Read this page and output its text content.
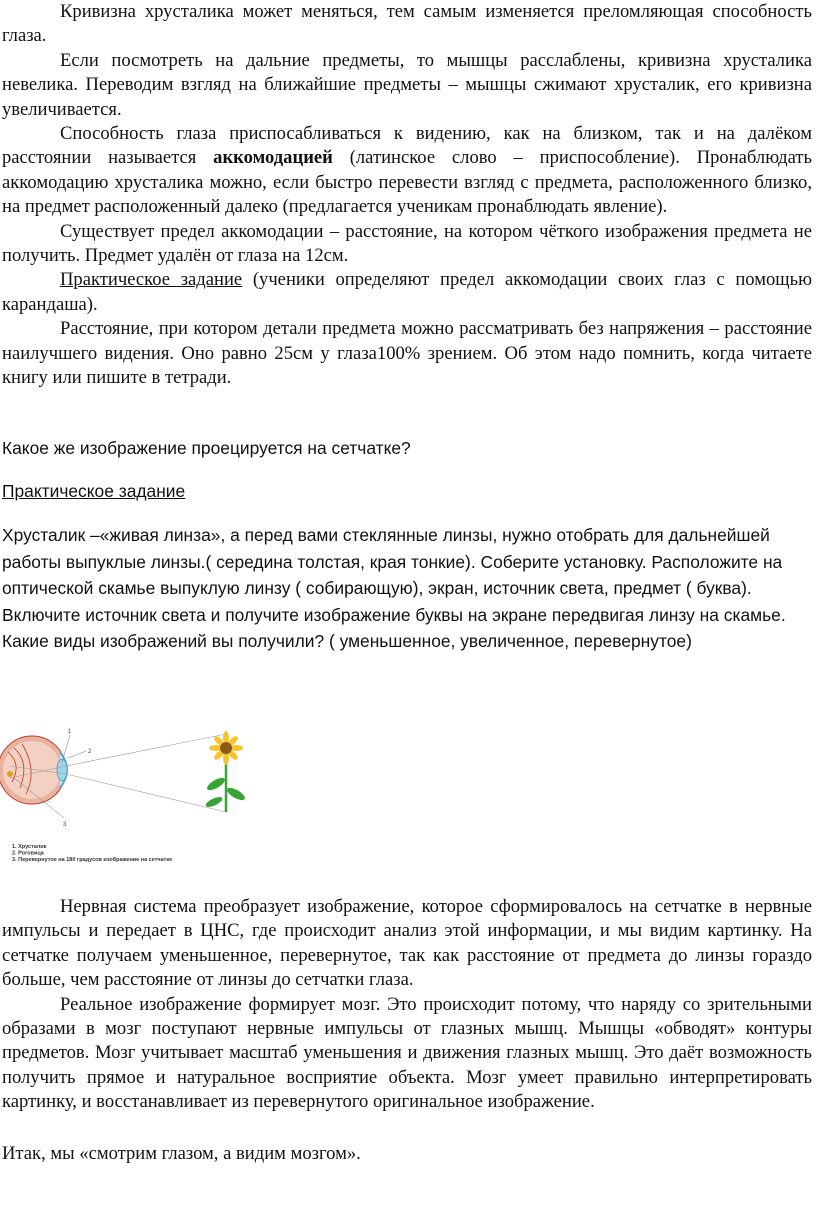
Кривизна хрусталика может меняться, тем самым изменяется преломляющая способность глаза.

Если посмотреть на дальние предметы, то мышцы расслаблены, кривизна хрусталика невелика. Переводим взгляд на ближайшие предметы – мышцы сжимают хрусталик, его кривизна увеличивается.

Способность глаза приспосабливаться к видению, как на близком, так и на далёком расстоянии называется аккомодацией (латинское слово – приспособление). Пронаблюдать аккомодацию хрусталика можно, если быстро перевести взгляд с предмета, расположенного близко, на предмет расположенный далеко (предлагается ученикам пронаблюдать явление).

Существует предел аккомодации – расстояние, на котором чёткого изображения предмета не получить. Предмет удалён от глаза на 12см.

Практическое задание (ученики определяют предел аккомодации своих глаз с помощью карандаша).

Расстояние, при котором детали предмета можно рассматривать без напряжения – расстояние наилучшего видения. Оно равно 25см у глаза100% зрением. Об этом надо помнить, когда читаете книгу или пишите в тетради.

Какое же изображение проецируется на сетчатке?

Практическое задание

Хрусталик –«живая линза», а перед вами стеклянные линзы, нужно отобрать для дальнейшей работы выпуклые линзы.( середина толстая, края тонкие). Соберите установку. Расположите на оптической скамье выпуклую линзу ( собирающую), экран, источник света, предмет ( буква). Включите источник света и получите изображение буквы на экране передвигая линзу на скамье. Какие виды изображений вы получили? ( уменьшенное, увеличенное, перевернутое)

1
2
3
1. Хрусталик
2. Роговица
3. Перевернутое на 180 градусов изображение на сетчатке

Нервная система преобразует изображение, которое сформировалось на сетчатке в нервные импульсы и передает в ЦНС, где происходит анализ этой информации, и мы видим картинку. На сетчатке получаем уменьшенное, перевернутое, так как расстояние от предмета до линзы гораздо больше, чем расстояние от линзы до сетчатки глаза.

Реальное изображение формирует мозг. Это происходит потому, что наряду со зрительными образами в мозг поступают нервные импульсы от глазных мышц. Мышцы «обводят» контуры предметов. Мозг учитывает масштаб уменьшения и движения глазных мышц. Это даёт возможность получить прямое и натуральное восприятие объекта. Мозг умеет правильно интерпретировать картинку, и восстанавливает из перевернутого оригинальное изображение.

Итак, мы «смотрим глазом, а видим мозгом».
